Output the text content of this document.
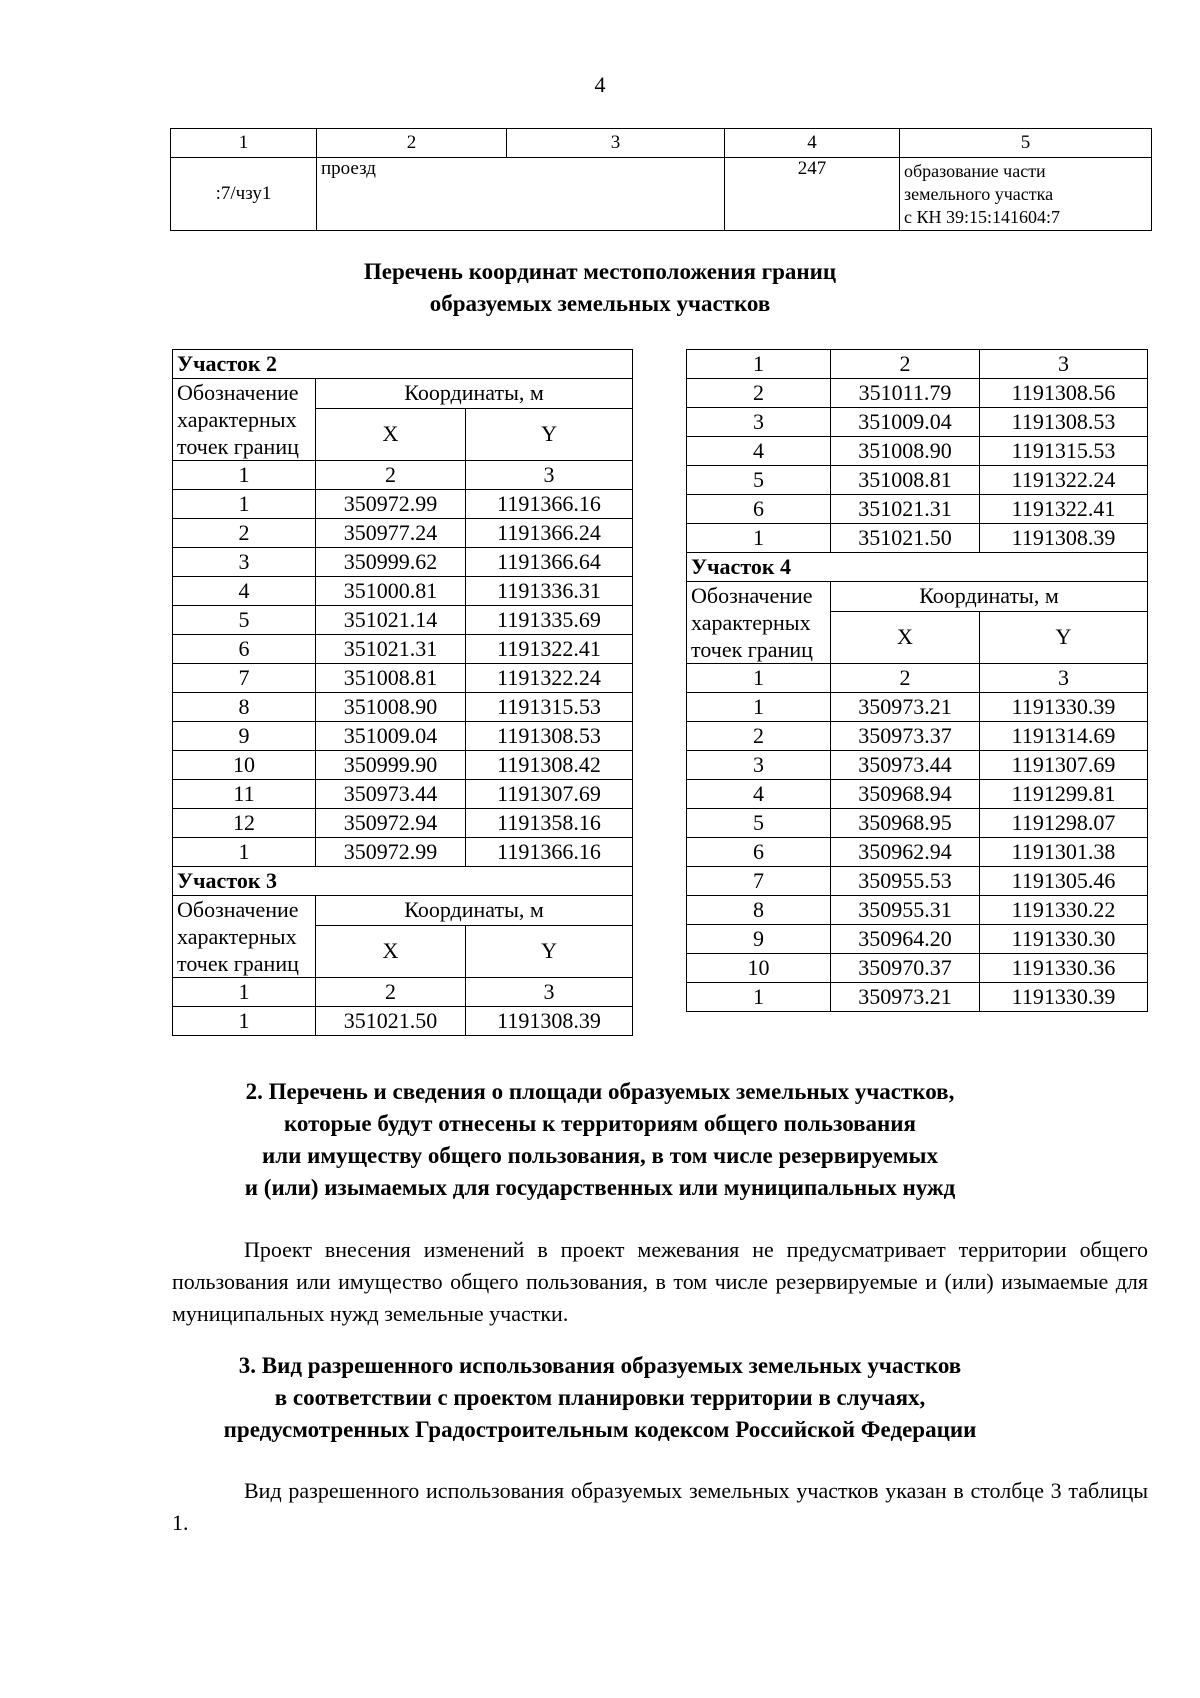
4
1	2	3	4	5
:7/чзу1	проезд		247	образование части
земельного участка
с КН 39:15:141604:7
Перечень координат местоположения границ
образуемых земельных участков
Участок 2		

Обозначение
характерных
точек границ	Координаты, м	
	X	Y
1	2	3
1	350972.99	1191366.16
2	350977.24	1191366.24
3	350999.62	1191366.64
4	351000.81	1191336.31
5	351021.14	1191335.69
6	351021.31	1191322.41
7	351008.81	1191322.24
8	351008.90	1191315.53
9	351009.04	1191308.53
10	350999.90	1191308.42
11	350973.44	1191307.69
12	350972.94	1191358.16
1	350972.99	1191366.16
Участок 3		

Обозначение
характерных
точек границ	Координаты, м	
	X	Y
1	2	3
1	351021.50	1191308.39
1	2	3
2	351011.79	1191308.56
3	351009.04	1191308.53
4	351008.90	1191315.53
5	351008.81	1191322.24
6	351021.31	1191322.41
1	351021.50	1191308.39
Участок 4		

Обозначение
характерных
точек границ	Координаты, м	
	X	Y
1	2	3
1	350973.21	1191330.39
2	350973.37	1191314.69
3	350973.44	1191307.69
4	350968.94	1191299.81
5	350968.95	1191298.07
6	350962.94	1191301.38
7	350955.53	1191305.46
8	350955.31	1191330.22
9	350964.20	1191330.30
10	350970.37	1191330.36
1	350973.21	1191330.39
2. Перечень и сведения о площади образуемых земельных участков,
которые будут отнесены к территориям общего пользования
или имуществу общего пользования, в том числе резервируемых
и (или) изымаемых для государственных или муниципальных нужд
Проект внесения изменений в проект межевания не предусматривает территории общего пользования или имущество общего пользования, в том числе резервируемые и (или) изымаемые для муниципальных нужд земельные участки.
3. Вид разрешенного использования образуемых земельных участков
в соответствии с проектом планировки территории в случаях,
предусмотренных Градостроительным кодексом Российской Федерации
Вид разрешенного использования образуемых земельных участков указан в столбце 3 таблицы 1.
